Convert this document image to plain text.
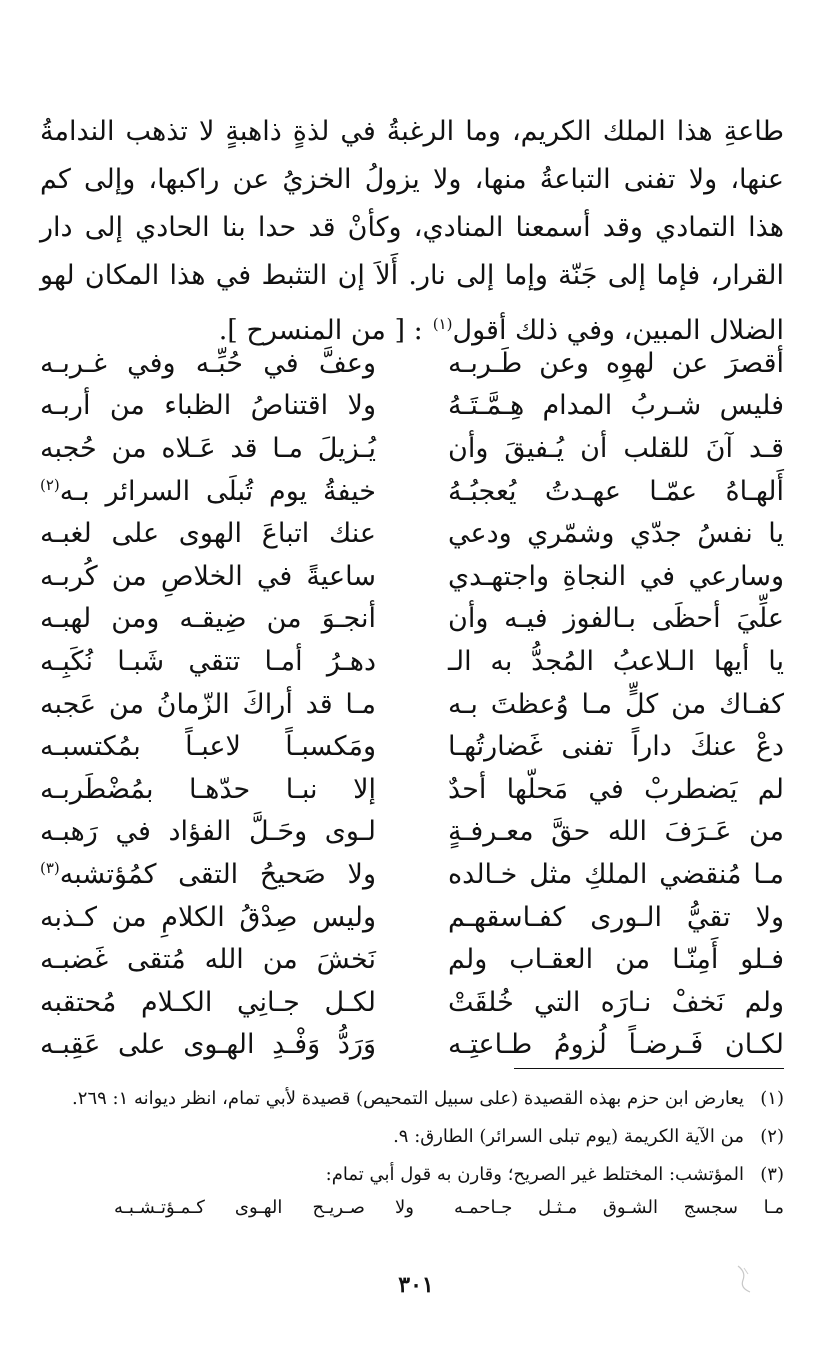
طاعةِ هذا الملك الكريم، وما الرغبةُ في لذةٍ ذاهبةٍ لا تذهب الندامةُ
عنها، ولا تفنى التباعةُ منها، ولا يزولُ الخزيُ عن راكبها، وإلى كم
هذا التمادي وقد أسمعنا المنادي، وكأنْ قد حدا بنا الحادي إلى دار
القرار، فإما إلى جَنّة وإما إلى نار. أَلاَ إن التثبط في هذا المكان لهو
الضلال المبين، وفي ذلك أقول$^{(١)}$: [ من المنسرح ].
أقصرَ عن لهوِه وعن طَـربـه
وعفَّ في حُبِّـه وفي غـربـه
فليس شـربُ المدام هِـمَّـتَـهُ
ولا اقتناصُ الظباء من أربـه
قـد آنَ للقلب أن يُـفيقَ وأن
يُـزيلَ مـا قد عَـلاه من حُجبه
أَلهـاهُ عمّـا عهـدتُ يُعجبُـهُ
خيفةُ يوم تُبلَى السرائر بـه$^{(٢)}$
يا نفسُ جدّي وشمّري ودعي
عنك اتباعَ الهوى على لغبـه
وسارعي في النجاةِ واجتهـدي
ساعيةً في الخلاصِ من كُربـه
علِّيَ أحظَى بـالفوز فيـه وأن
أنجـوَ من ضِيقـه ومن لهبـه
يا أيها الـلاعبُ المُجدُّ به الـ
دهـرُ أمـا تتقي شَبـا نُكَبِـه
كفـاك من كلٍّ مـا وُعظتَ بـه
مـا قد أراكَ الزّمانُ من عَجبه
دعْ عنكَ داراً تفنى غَضارتُهـا
ومَكسبـاً لاعبـاً بمُكتسبـه
لم يَضطربْ في مَحلّها أحدٌ
إلا نبـا حدّهـا بمُضْطَربـه
من عَـرَفَ الله حقَّ معـرفـةٍ
لـوى وحَـلَّ الفؤاد في رَهبـه
مـا مُنقضي الملكِ مثل خـالده
ولا صَحيحُ التقى كمُؤتشبه$^{(٣)}$
ولا تقيُّ الـورى كفـاسقهـم
وليس صِدْقُ الكلامِ من كـذبه
فـلو أَمِنّـا من العقـاب ولم
نَخشَ من الله مُتقى غَضبـه
ولم نَخفْ نـارَه التي خُلقَتْ
لكـل جـانِي الكـلام مُحتقبه
لكـان فَـرضـاً لُزومُ طـاعتِـه
وَرَدُّ وَفْـدِ الهـوى على عَقِبـه
(١)يعارض ابن حزم بهذه القصيدة (على سبيل التمحيص) قصيدة لأبي تمام، انظر ديوانه ١: ٢٦٩.
(٢)من الآية الكريمة (يوم تبلى السرائر) الطارق: ٩.
(٣)المؤتشب: المختلط غير الصريح؛ وقارن به قول أبي تمام:
مـا سجسج الشـوق مـثـل جـاحمـه
ولا صـريـح الهـوى كـمـؤتـشـبـه
٣٠١
